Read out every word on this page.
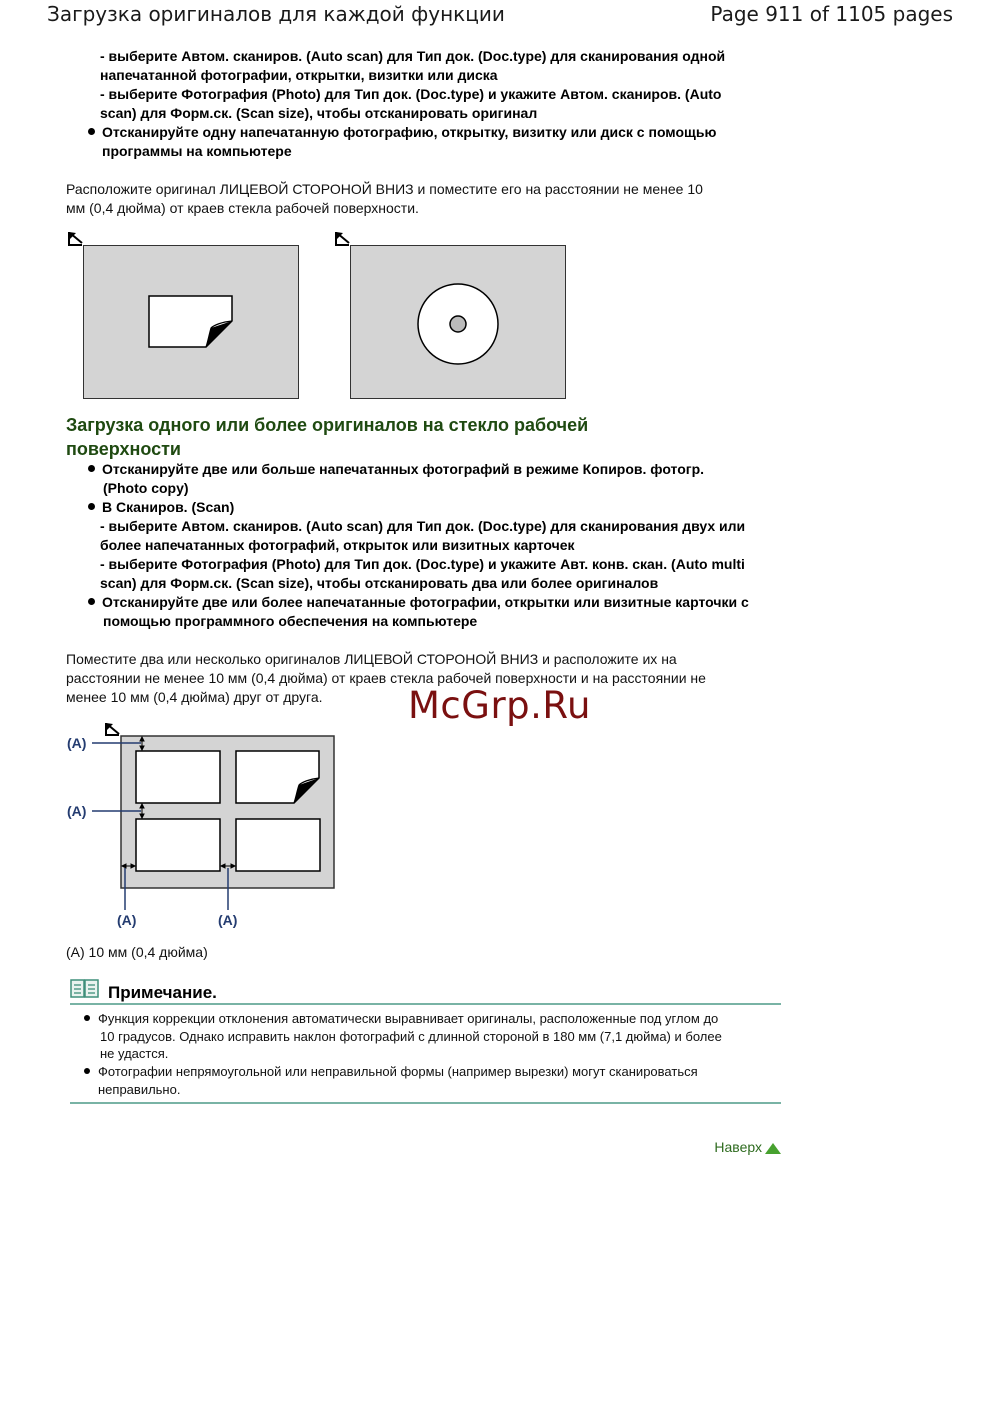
Загрузка оригиналов для каждой функции	Page 911 of 1105 pages
- выберите Автом. сканиров. (Auto scan) для Тип док. (Doc.type) для сканирования одной
напечатанной фотографии, открытки, визитки или диска
- выберите Фотография (Photo) для Тип док. (Doc.type) и укажите Автом. сканиров. (Auto
scan) для Форм.ск. (Scan size), чтобы отсканировать оригинал
Отсканируйте одну напечатанную фотографию, открытку, визитку или диск с помощью
программы на компьютере
Расположите оригинал ЛИЦЕВОЙ СТОРОНОЙ ВНИЗ и поместите его на расстоянии не менее 10
мм (0,4 дюйма) от краев стекла рабочей поверхности.
Загрузка одного или более оригиналов на стекло рабочей
поверхности
Отсканируйте две или больше напечатанных фотографий в режиме Копиров. фотогр.
(Photo copy)
В Сканиров. (Scan)
- выберите Автом. сканиров. (Auto scan) для Тип док. (Doc.type) для сканирования двух или
более напечатанных фотографий, открыток или визитных карточек
- выберите Фотография (Photo) для Тип док. (Doc.type) и укажите Авт. конв. скан. (Auto multi
scan) для Форм.ск. (Scan size), чтобы отсканировать два или более оригиналов
Отсканируйте две или более напечатанные фотографии, открытки или визитные карточки с
помощью программного обеспечения на компьютере
Поместите два или несколько оригиналов ЛИЦЕВОЙ СТОРОНОЙ ВНИЗ и расположите их на
расстоянии не менее 10 мм (0,4 дюйма) от краев стекла рабочей поверхности и на расстоянии не
менее 10 мм (0,4 дюйма) друг от друга.
(A)
(A)
(A)	(A)
(A) 10 мм (0,4 дюйма)
Примечание.
Функция коррекции отклонения автоматически выравнивает оригиналы, расположенные под углом до
10 градусов. Однако исправить наклон фотографий с длинной стороной в 180 мм (7,1 дюйма) и более
не удастся.
Фотографии непрямоугольной или неправильной формы (например вырезки) могут сканироваться
неправильно.
Наверх
McGrp.Ru
